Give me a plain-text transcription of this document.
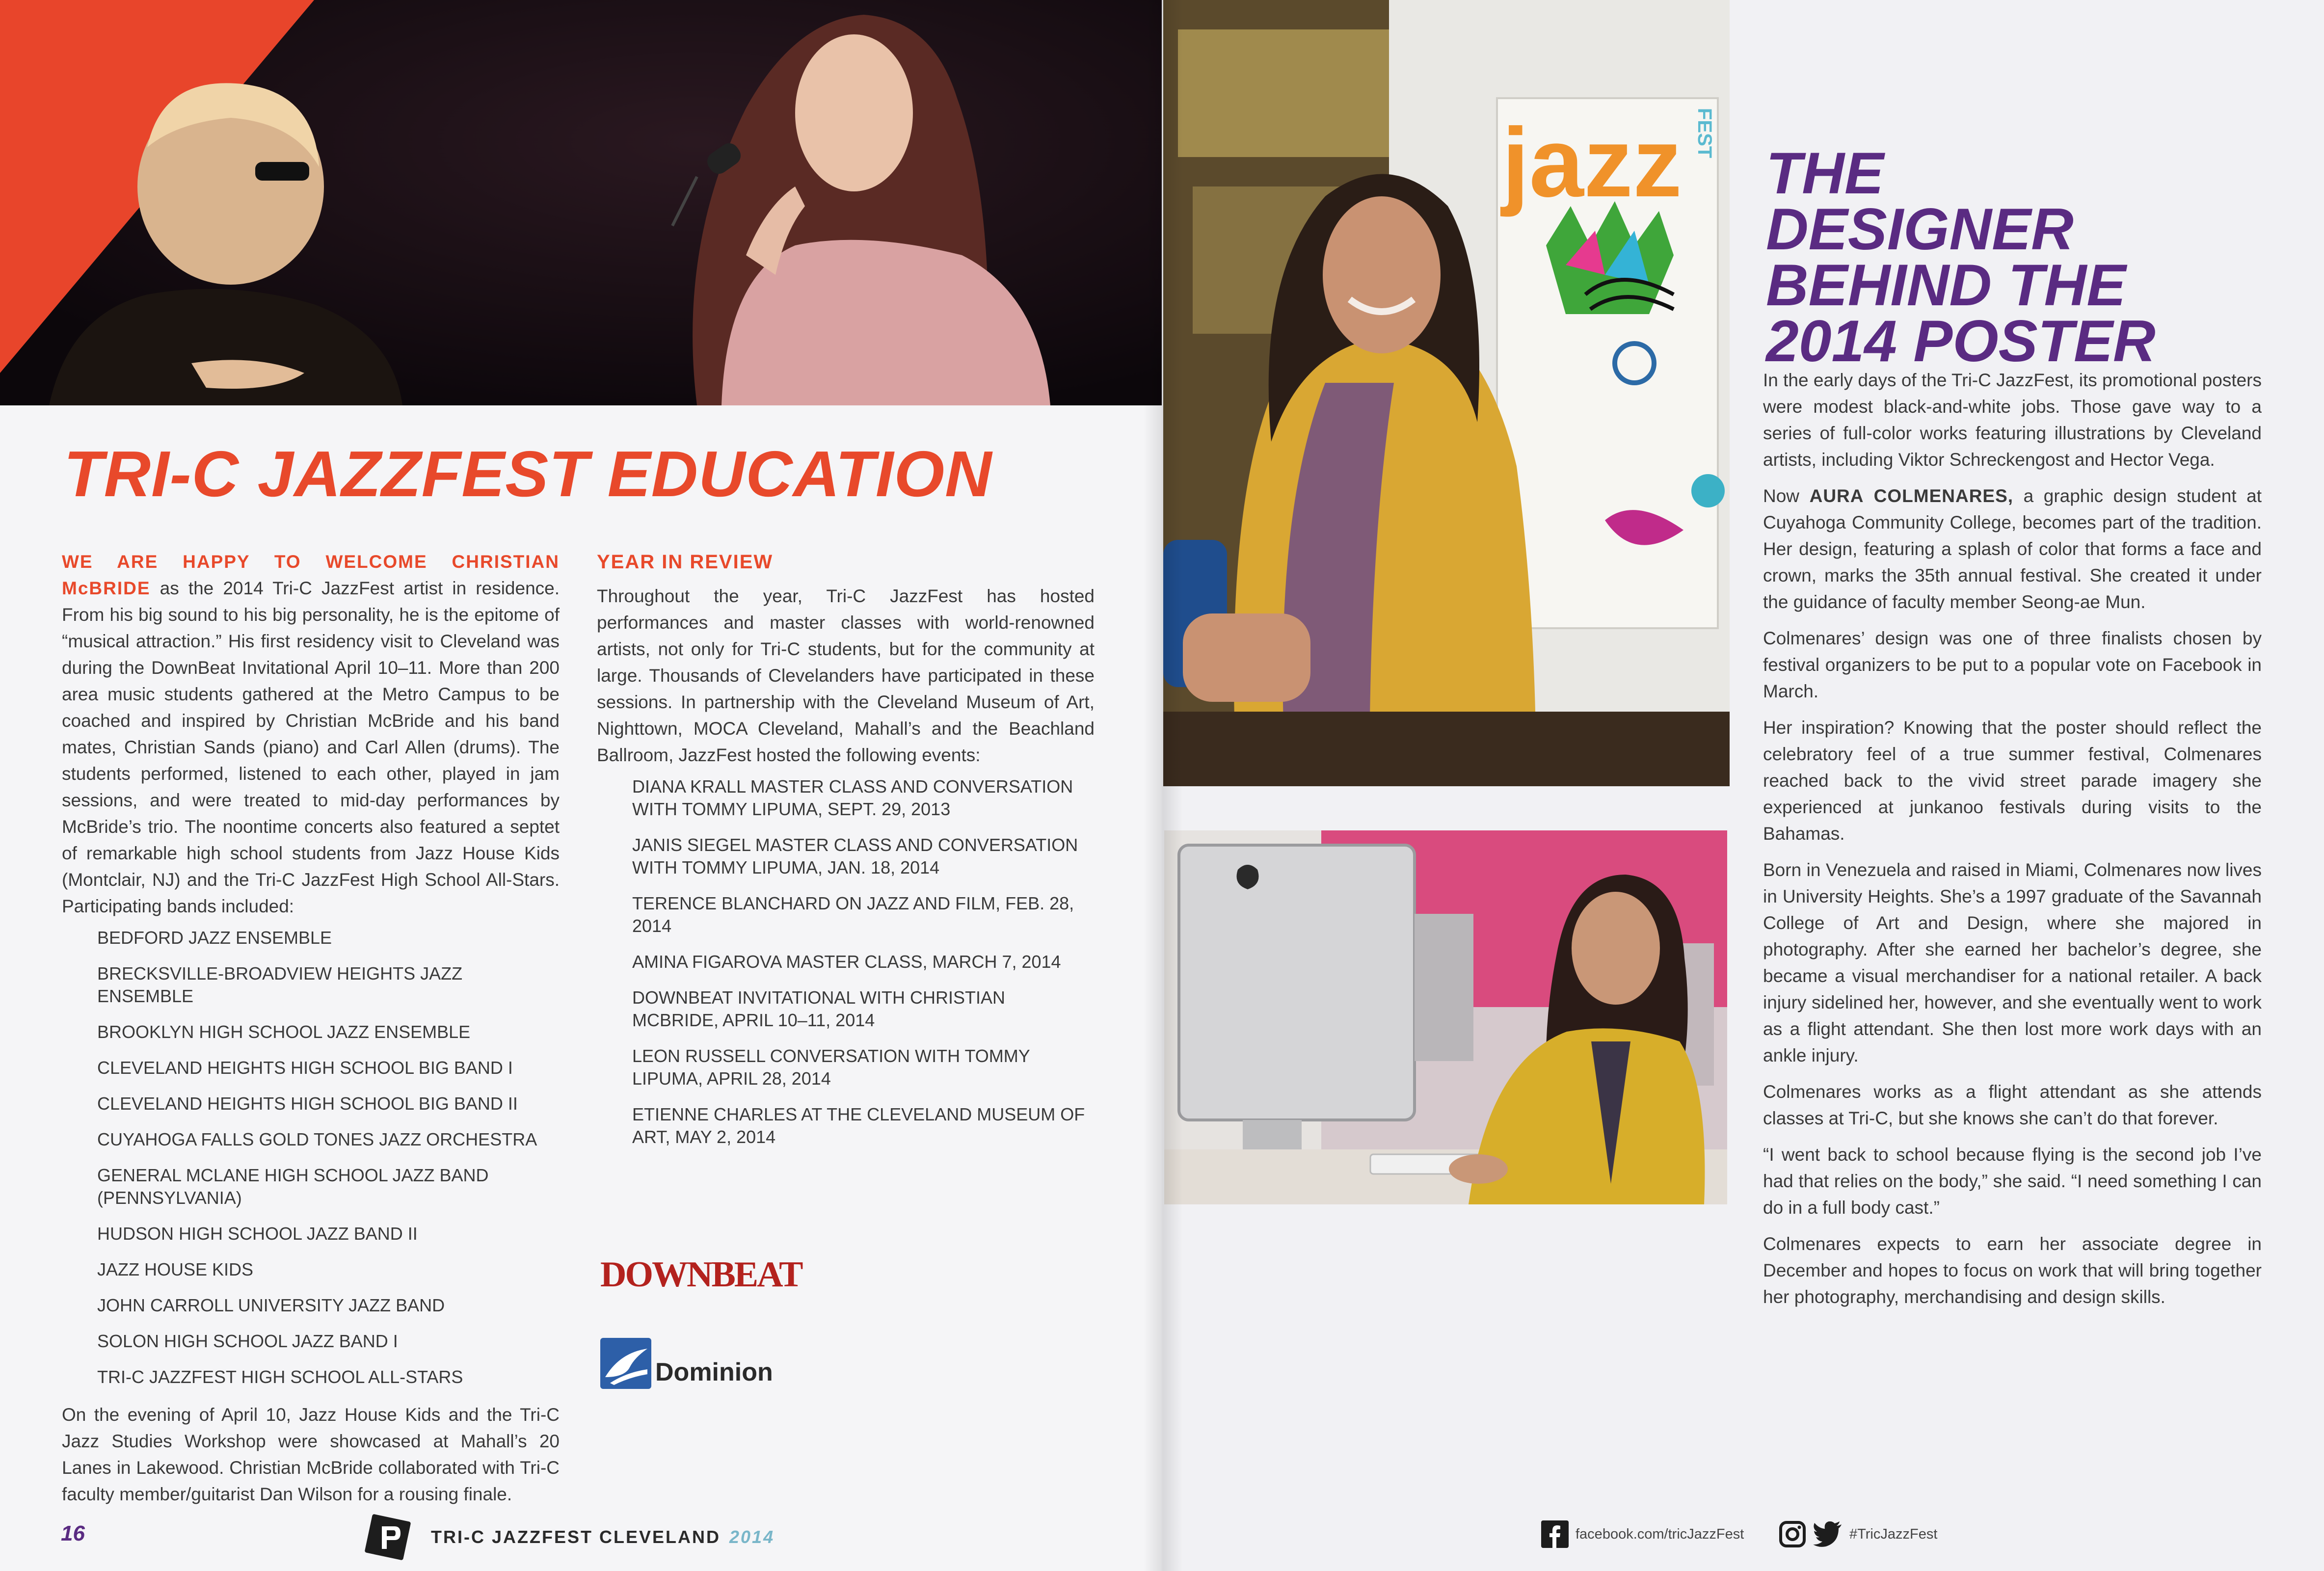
TRI-C JAZZFEST EDUCATION

WE ARE HAPPY TO WELCOME CHRISTIAN McBRIDE as the 2014 Tri-C JazzFest artist in residence. From his big sound to his big personality, he is the epitome of “musical attraction.” His first residency visit to Cleveland was during the DownBeat Invitational April 10–11. More than 200 area music students gathered at the Metro Campus to be coached and inspired by Christian McBride and his band mates, Christian Sands (piano) and Carl Allen (drums). The students performed, listened to each other, played in jam sessions, and were treated to mid-day performances by McBride’s trio. The noontime concerts also featured a septet of remarkable high school students from Jazz House Kids (Montclair, NJ) and the Tri-C JazzFest High School All-Stars. Participating bands included:

BEDFORD JAZZ ENSEMBLE
BRECKSVILLE-BROADVIEW HEIGHTS JAZZ ENSEMBLE
BROOKLYN HIGH SCHOOL JAZZ ENSEMBLE
CLEVELAND HEIGHTS HIGH SCHOOL BIG BAND I
CLEVELAND HEIGHTS HIGH SCHOOL BIG BAND II
CUYAHOGA FALLS GOLD TONES JAZZ ORCHESTRA
GENERAL MCLANE HIGH SCHOOL JAZZ BAND (PENNSYLVANIA)
HUDSON HIGH SCHOOL JAZZ BAND II
JAZZ HOUSE KIDS
JOHN CARROLL UNIVERSITY JAZZ BAND
SOLON HIGH SCHOOL JAZZ BAND I
TRI-C JAZZFEST HIGH SCHOOL ALL-STARS

On the evening of April 10, Jazz House Kids and the Tri-C Jazz Studies Workshop were showcased at Mahall’s 20 Lanes in Lakewood. Christian McBride collaborated with Tri-C faculty member/guitarist Dan Wilson for a rousing finale.

YEAR IN REVIEW

Throughout the year, Tri-C JazzFest has hosted performances and master classes with world-renowned artists, not only for Tri-C students, but for the community at large. Thousands of Clevelanders have participated in these sessions. In partnership with the Cleveland Museum of Art, Nighttown, MOCA Cleveland, Mahall’s and the Beachland Ballroom, JazzFest hosted the following events:

DIANA KRALL MASTER CLASS AND CONVERSATION WITH TOMMY LIPUMA, SEPT. 29, 2013
JANIS SIEGEL MASTER CLASS AND CONVERSATION WITH TOMMY LIPUMA, JAN. 18, 2014
TERENCE BLANCHARD ON JAZZ AND FILM, FEB. 28, 2014
AMINA FIGAROVA MASTER CLASS, MARCH 7, 2014
DOWNBEAT INVITATIONAL WITH CHRISTIAN MCBRIDE, APRIL 10–11, 2014
LEON RUSSELL CONVERSATION WITH TOMMY LIPUMA, APRIL 28, 2014
ETIENNE CHARLES AT THE CLEVELAND MUSEUM OF ART, MAY 2, 2014
DOWNBEAT
Dominion
16	TRI-C JAZZFEST CLEVELAND 2014
jazz FEST
THE DESIGNER
BEHIND THE
2014 POSTER

In the early days of the Tri-C JazzFest, its promotional posters were modest black-and-white jobs. Those gave way to a series of full-color works featuring illustrations by Cleveland artists, including Viktor Schreckengost and Hector Vega.

Now AURA COLMENARES, a graphic design student at Cuyahoga Community College, becomes part of the tradition. Her design, featuring a splash of color that forms a face and crown, marks the 35th annual festival. She created it under the guidance of faculty member Seong-ae Mun.

Colmenares’ design was one of three finalists chosen by festival organizers to be put to a popular vote on Facebook in March.

Her inspiration? Knowing that the poster should reflect the celebratory feel of a true summer festival, Colmenares reached back to the vivid street parade imagery she experienced at junkanoo festivals during visits to the Bahamas.

Born in Venezuela and raised in Miami, Colmenares now lives in University Heights. She’s a 1997 graduate of the Savannah College of Art and Design, where she majored in photography. After she earned her bachelor’s degree, she became a visual merchandiser for a national retailer. A back injury sidelined her, however, and she eventually went to work as a flight attendant. She then lost more work days with an ankle injury.

Colmenares works as a flight attendant as she attends classes at Tri-C, but she knows she can’t do that forever.

“I went back to school because flying is the second job I’ve had that relies on the body,” she said. “I need something I can do in a full body cast.”

Colmenares expects to earn her associate degree in December and hopes to focus on work that will bring together her photography, merchandising and design skills.

facebook.com/tricJazzFest	#TricJazzFest
